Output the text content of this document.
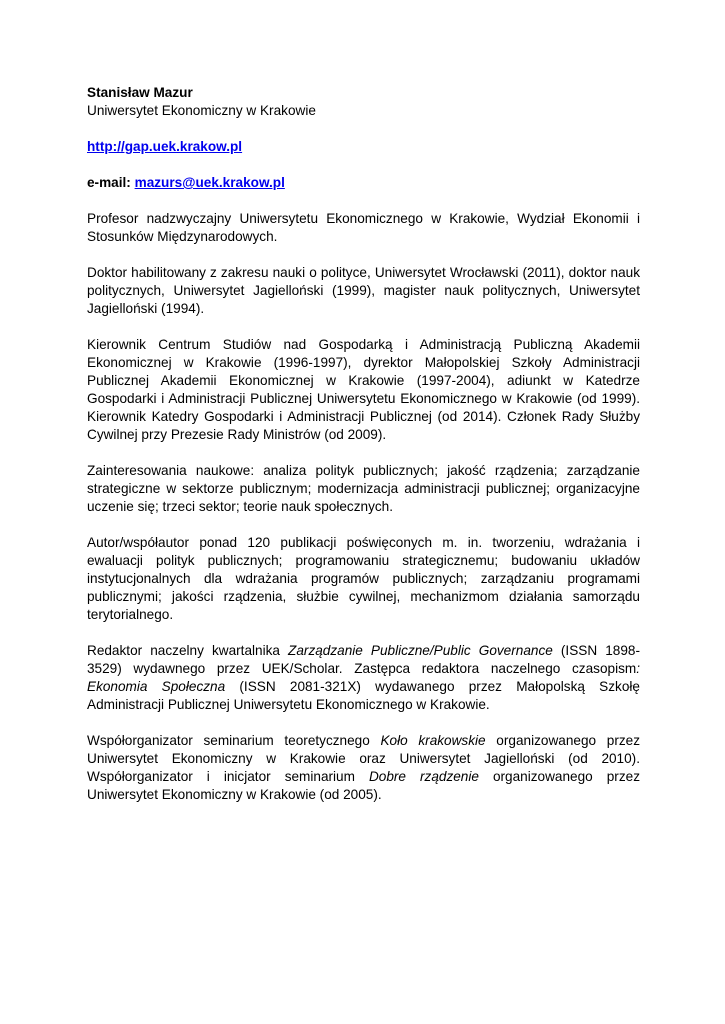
Stanisław Mazur
Uniwersytet Ekonomiczny w Krakowie
http://gap.uek.krakow.pl
e-mail: mazurs@uek.krakow.pl

Profesor nadzwyczajny Uniwersytetu Ekonomicznego w Krakowie, Wydział Ekonomii i Stosunków Międzynarodowych.

Doktor habilitowany z zakresu nauki o polityce, Uniwersytet Wrocławski (2011), doktor nauk politycznych, Uniwersytet Jagielloński (1999), magister nauk politycznych, Uniwersytet Jagielloński (1994).

Kierownik Centrum Studiów nad Gospodarką i Administracją Publiczną Akademii Ekonomicznej w Krakowie (1996-1997), dyrektor Małopolskiej Szkoły Administracji Publicznej Akademii Ekonomicznej w Krakowie (1997-2004), adiunkt w Katedrze Gospodarki i Administracji Publicznej Uniwersytetu Ekonomicznego w Krakowie (od 1999). Kierownik Katedry Gospodarki i Administracji Publicznej (od 2014). Członek Rady Służby Cywilnej przy Prezesie Rady Ministrów (od 2009).

Zainteresowania naukowe: analiza polityk publicznych; jakość rządzenia; zarządzanie strategiczne w sektorze publicznym; modernizacja administracji publicznej; organizacyjne uczenie się; trzeci sektor; teorie nauk społecznych.

Autor/współautor ponad 120 publikacji poświęconych m. in. tworzeniu, wdrażania i ewaluacji polityk publicznych; programowaniu strategicznemu; budowaniu układów instytucjonalnych dla wdrażania programów publicznych; zarządzaniu programami publicznymi; jakości rządzenia, służbie cywilnej, mechanizmom działania samorządu terytorialnego.

Redaktor naczelny kwartalnika Zarządzanie Publiczne/Public Governance (ISSN 1898-3529) wydawnego przez UEK/Scholar. Zastępca redaktora naczelnego czasopism: Ekonomia Społeczna (ISSN 2081-321X) wydawanego przez Małopolską Szkołę Administracji Publicznej Uniwersytetu Ekonomicznego w Krakowie.

Współorganizator seminarium teoretycznego Koło krakowskie organizowanego przez Uniwersytet Ekonomiczny w Krakowie oraz Uniwersytet Jagielloński (od 2010). Współorganizator i inicjator seminarium Dobre rządzenie organizowanego przez Uniwersytet Ekonomiczny w Krakowie (od 2005).
